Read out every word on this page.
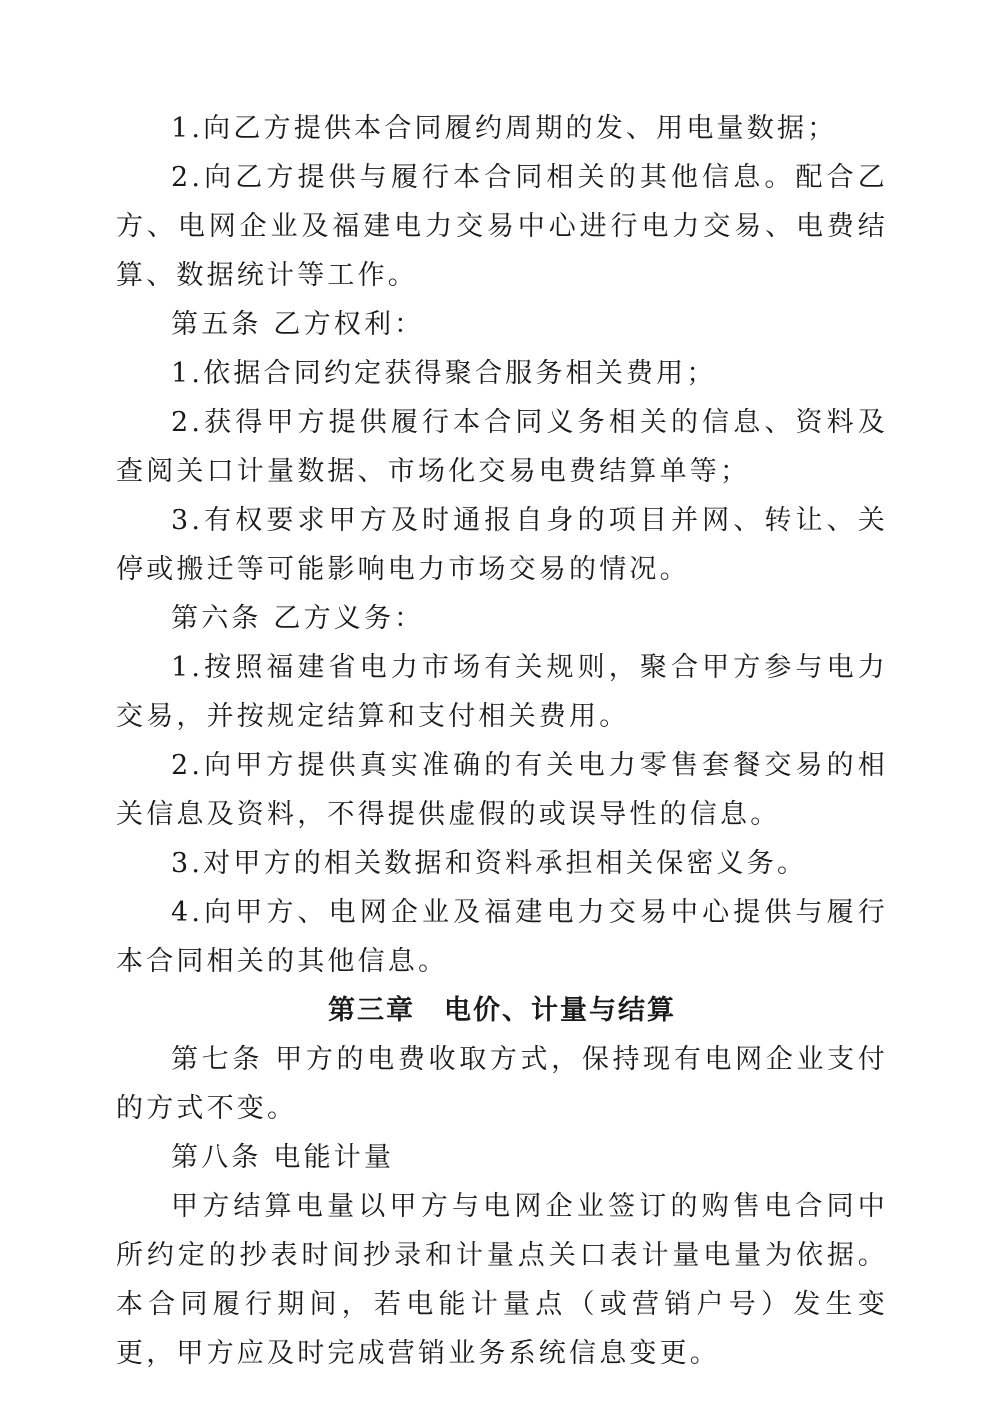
1.向乙方提供本合同履约周期的发、用电量数据；

2.向乙方提供与履行本合同相关的其他信息。配合乙方、电网企业及福建电力交易中心进行电力交易、电费结算、数据统计等工作。

第五条 乙方权利：

1.依据合同约定获得聚合服务相关费用；

2.获得甲方提供履行本合同义务相关的信息、资料及查阅关口计量数据、市场化交易电费结算单等；

3.有权要求甲方及时通报自身的项目并网、转让、关停或搬迁等可能影响电力市场交易的情况。

第六条 乙方义务：

1.按照福建省电力市场有关规则，聚合甲方参与电力交易，并按规定结算和支付相关费用。

2.向甲方提供真实准确的有关电力零售套餐交易的相关信息及资料，不得提供虚假的或误导性的信息。

3.对甲方的相关数据和资料承担相关保密义务。

4.向甲方、电网企业及福建电力交易中心提供与履行本合同相关的其他信息。

第三章　电价、计量与结算

第七条 甲方的电费收取方式，保持现有电网企业支付的方式不变。

第八条 电能计量

甲方结算电量以甲方与电网企业签订的购售电合同中所约定的抄表时间抄录和计量点关口表计量电量为依据。本合同履行期间，若电能计量点（或营销户号）发生变更，甲方应及时完成营销业务系统信息变更。
